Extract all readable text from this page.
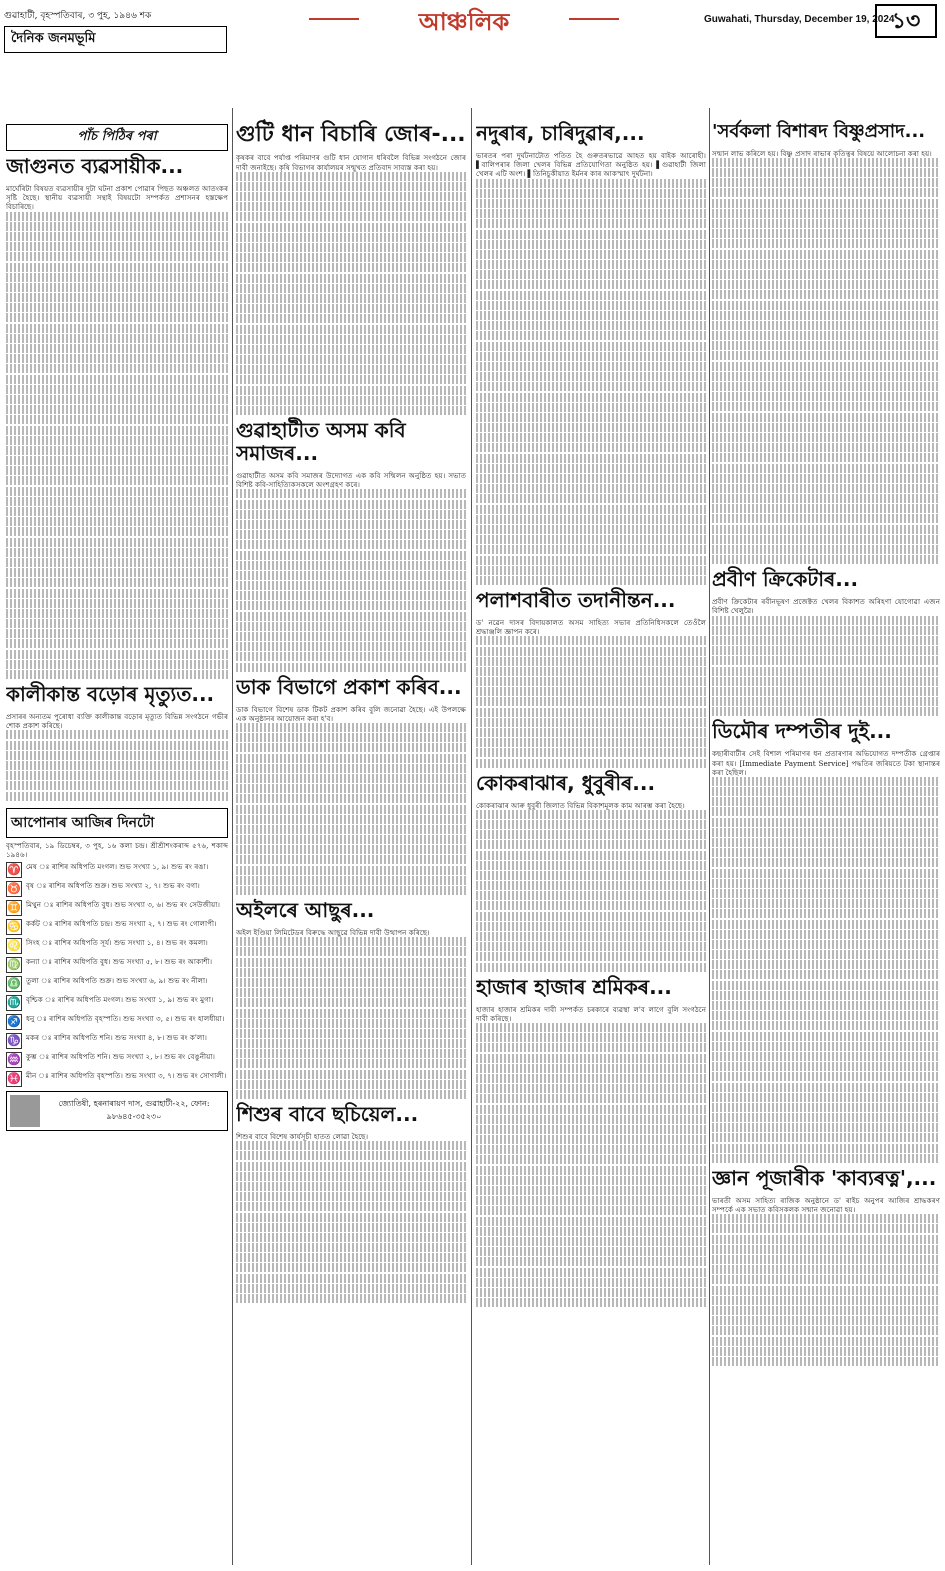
গুৱাহাটী, বৃহস্পতিবাৰ, ৩ পুহ, ১৯৪৬ শক
দৈনিক জনমভূমি
আঞ্চলিক	Guwahati, Thursday, December 19, 2024
১৩
পাঁচ পিঠিৰ পৰা
জাগুনত ব্যৱসায়ীক...

মাৰ্ঘেৰিটা বিষয়ত ব্যৱসায়ীৰ দুটা ঘটনা প্ৰকাশ পোৱাৰ পিছত অঞ্চলত আতংকৰ সৃষ্টি হৈছে। স্থানীয় ব্যৱসায়ী সন্থাই বিষয়টো সম্পৰ্কত প্ৰশাসনৰ হস্তক্ষেপ বিচাৰিছে।

কালীকান্ত বড়োৰ মৃত্যুত...

প্ৰসাৰৰ অন্যতম পুৰোধা ব্যক্তি কালীকান্ত বড়োৰ মৃত্যুত বিভিন্ন সংগঠনে গভীৰ শোক প্ৰকাশ কৰিছে।

আপোনাৰ আজিৰ দিনটো

বৃহস্পতিবাৰ, ১৯ ডিচেম্বৰ, ৩ পুহ, ১৬ কলা চন্দ্ৰ। শ্ৰীশ্ৰীশংকৰাব্দ ৫৭৬, শকাব্দ ১৯৪৬।

♈ মেষ ঃ ৰাশিৰ অধিপতি মংগল। শুভ সংখ্যা ১, ৯। শুভ ৰং ৰঙা।

♉ বৃষ ঃ ৰাশিৰ অধিপতি শুক্ৰ। শুভ সংখ্যা ২, ৭। শুভ ৰং বগা।

♊ মিথুন ঃ ৰাশিৰ অধিপতি বুধ। শুভ সংখ্যা ৩, ৬। শুভ ৰং সেউজীয়া।

♋ কৰ্কট ঃ ৰাশিৰ অধিপতি চন্দ্ৰ। শুভ সংখ্যা ২, ৭। শুভ ৰং গোলাপী।

♌ সিংহ ঃ ৰাশিৰ অধিপতি সূৰ্য। শুভ সংখ্যা ১, ৪। শুভ ৰং কমলা।

♍ কন্যা ঃ ৰাশিৰ অধিপতি বুধ। শুভ সংখ্যা ৫, ৮। শুভ ৰং আকাশী।

♎ তুলা ঃ ৰাশিৰ অধিপতি শুক্ৰ। শুভ সংখ্যা ৬, ৯। শুভ ৰং নীলা।

♏ বৃশ্চিক ঃ ৰাশিৰ অধিপতি মংগল। শুভ সংখ্যা ১, ৯। শুভ ৰং মুগা।

♐ ধনু ঃ ৰাশিৰ অধিপতি বৃহস্পতি। শুভ সংখ্যা ৩, ৫। শুভ ৰং হালধীয়া।

♑ মকৰ ঃ ৰাশিৰ অধিপতি শনি। শুভ সংখ্যা ৪, ৮। শুভ ৰং ক'লা।

♒ কুম্ভ ঃ ৰাশিৰ অধিপতি শনি। শুভ সংখ্যা ২, ৮। শুভ ৰং বেঙুনীয়া।

♓ মীন ঃ ৰাশিৰ অধিপতি বৃহস্পতি। শুভ সংখ্যা ৩, ৭। শুভ ৰং সোণালী।

জ্যোতিষী, হৰনাৰায়ণ দাস, গুৱাহাটী-২২, ফোন: ৯৮৬৪৫-৩৫২৩০
গুটি ধান বিচাৰি জোৰ-...

কৃষকৰ বাবে পৰ্যাপ্ত পৰিমাণৰ গুটি ধান যোগান ধৰিবলৈ বিভিন্ন সংগঠনে জোৰ দাবী জনাইছে। কৃষি বিভাগৰ কাৰ্যালয়ৰ সন্মুখত প্ৰতিবাদ সাব্যস্ত কৰা হয়।

গুৱাহাটীত অসম কবি সমাজৰ...

গুৱাহাটীত অসম কবি সমাজৰ উদ্যোগত এক কবি সন্মিলন অনুষ্ঠিত হয়। সভাত বিশিষ্ট কবি-সাহিত্যিকসকলে অংশগ্ৰহণ কৰে।

ডাক বিভাগে প্ৰকাশ কৰিব...

ডাক বিভাগে বিশেষ ডাক টিকট প্ৰকাশ কৰিব বুলি জনোৱা হৈছে। এই উপলক্ষে এক অনুষ্ঠানৰ আয়োজন কৰা হ'ব।

অইলৰে আছুৰ...

অইল ইণ্ডিয়া লিমিটেডৰ বিৰুদ্ধে আছুৱে বিভিন্ন দাবী উত্থাপন কৰিছে।

শিশুৰ বাবে ছচিয়েল...

শিশুৰ বাবে বিশেষ কাৰ্যসূচী হাতত লোৱা হৈছে।

নদুৰাৰ, চাৰিদুৱাৰ,...

ভাৰতৰ পৰা দুৰ্ঘটনাটোত পতিত হৈ গুৰুতৰভাৱে আহত হয় বাইক আৰোহী। ▌বালিপৰাৰ জিলা খেলৰ বিভিন্ন প্ৰতিযোগিতা অনুষ্ঠিত হয়। ▌গুৱাহাটী জিলা খেলৰ এটি অংশ। ▌তিনিচুকীয়াত ইৰ্মনৰ কাৰ আকস্মাৎ দুৰ্ঘটনা।

পলাশবাৰীত তদানীন্তন...

ড' নৱেন দাসৰ বিদায়কালত অসম সাহিত্য সভাৰ প্ৰতিনিধিসকলে তেওঁলৈ শ্ৰদ্ধাঞ্জলি জ্ঞাপন কৰে।

কোকৰাঝাৰ, ধুবুৰীৰ...

কোকৰাঝাৰ আৰু ধুবুৰী জিলাত বিভিন্ন বিকাশমূলক কাম আৰম্ভ কৰা হৈছে।

হাজাৰ হাজাৰ শ্ৰমিকৰ...

হাজাৰ হাজাৰ শ্ৰমিকৰ দাবী সম্পৰ্কত চৰকাৰে ব্যৱস্থা ল'ব লাগে বুলি সংগঠনে দাবী কৰিছে।

'সৰ্বকলা বিশাৰদ বিষ্ণুপ্ৰসাদ...

সন্মান লাভ কৰিলে হয়। বিষ্ণু প্ৰসাদ ৰাভাৰ কৃতিত্বৰ বিষয়ে আলোচনা কৰা হয়।

প্ৰবীণ ক্ৰিকেটাৰ...

প্ৰবীণ ক্ৰিকেটাৰ ৰবীনভূষণ প্ৰজেক্টত খেলৰ বিকাশত অৰিহণা যোগোৱা এজন বিশিষ্ট খেলুৱৈ।

ডিমৌৰ দম্পতীৰ দুই...

কছাৰীবাটীৰ সেই বিশাল পৰিমাণৰ ধন প্ৰতাৰণাৰ অভিযোগত দম্পতীক গ্ৰেপ্তাৰ কৰা হয়। [Immediate Payment Service] পদ্ধতিৰ জৰিয়তে টকা স্থানান্তৰ কৰা হৈছিল।

জ্ঞান পূজাৰীক 'কাব্যৰত্ন',...

ভাৰতী অসম সাহিত্য ৰাজিক অনুষ্ঠানে ড' ৰাইচ অনুপৰ আজিৰ শ্ৰাদ্ধকৰণ সম্পৰ্কে এক সভাত কবিসকলক সন্মান জনোৱা হয়।
